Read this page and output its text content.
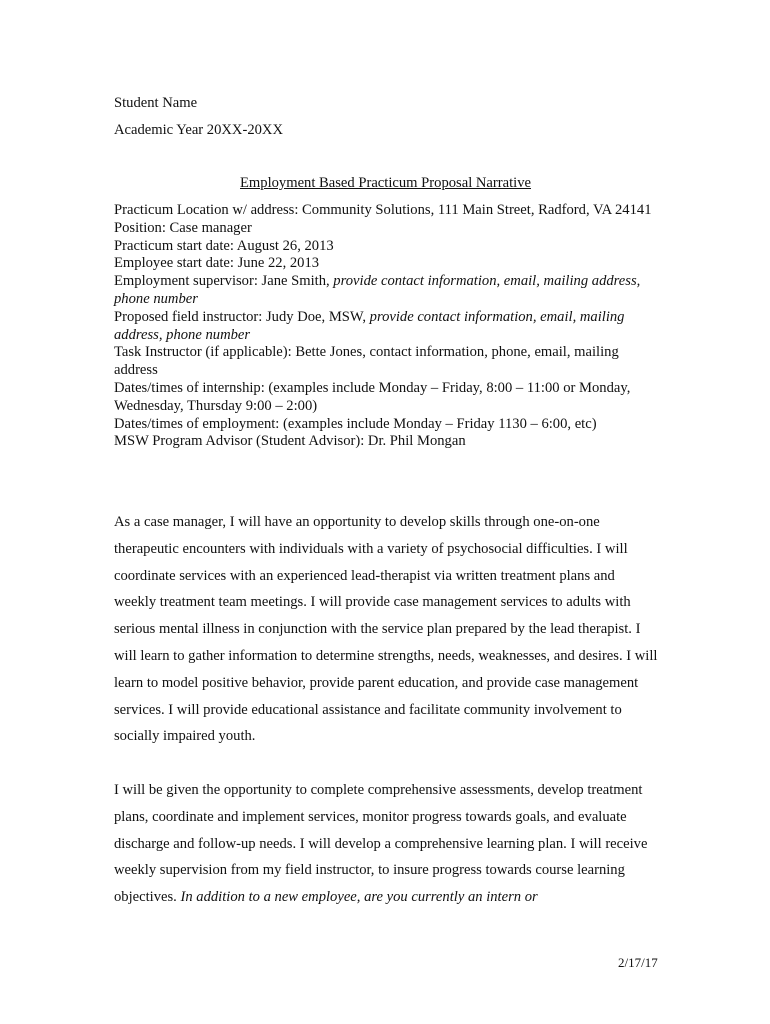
Student Name
Academic Year 20XX-20XX
Employment Based Practicum Proposal Narrative
Practicum Location w/ address: Community Solutions, 111 Main Street, Radford, VA 24141
Position: Case manager
Practicum start date: August 26, 2013
Employee start date: June 22, 2013
Employment supervisor: Jane Smith, provide contact information, email, mailing address, phone number
Proposed field instructor: Judy Doe, MSW, provide contact information, email, mailing address, phone number
Task Instructor (if applicable): Bette Jones, contact information, phone, email, mailing address
Dates/times of internship: (examples include Monday – Friday, 8:00 – 11:00 or Monday, Wednesday, Thursday 9:00 – 2:00)
Dates/times of employment: (examples include Monday – Friday 1130 – 6:00, etc)
MSW Program Advisor (Student Advisor): Dr. Phil Mongan
As a case manager, I will have an opportunity to develop skills through one-on-one therapeutic encounters with individuals with a variety of psychosocial difficulties. I will coordinate services with an experienced lead-therapist via written treatment plans and weekly treatment team meetings. I will provide case management services to adults with serious mental illness in conjunction with the service plan prepared by the lead therapist. I will learn to gather information to determine strengths, needs, weaknesses, and desires. I will learn to model positive behavior, provide parent education, and provide case management services. I will provide educational assistance and facilitate community involvement to socially impaired youth.
I will be given the opportunity to complete comprehensive assessments, develop treatment plans, coordinate and implement services, monitor progress towards goals, and evaluate discharge and follow-up needs. I will develop a comprehensive learning plan. I will receive weekly supervision from my field instructor, to insure progress towards course learning objectives. In addition to a new employee, are you currently an intern or
2/17/17
